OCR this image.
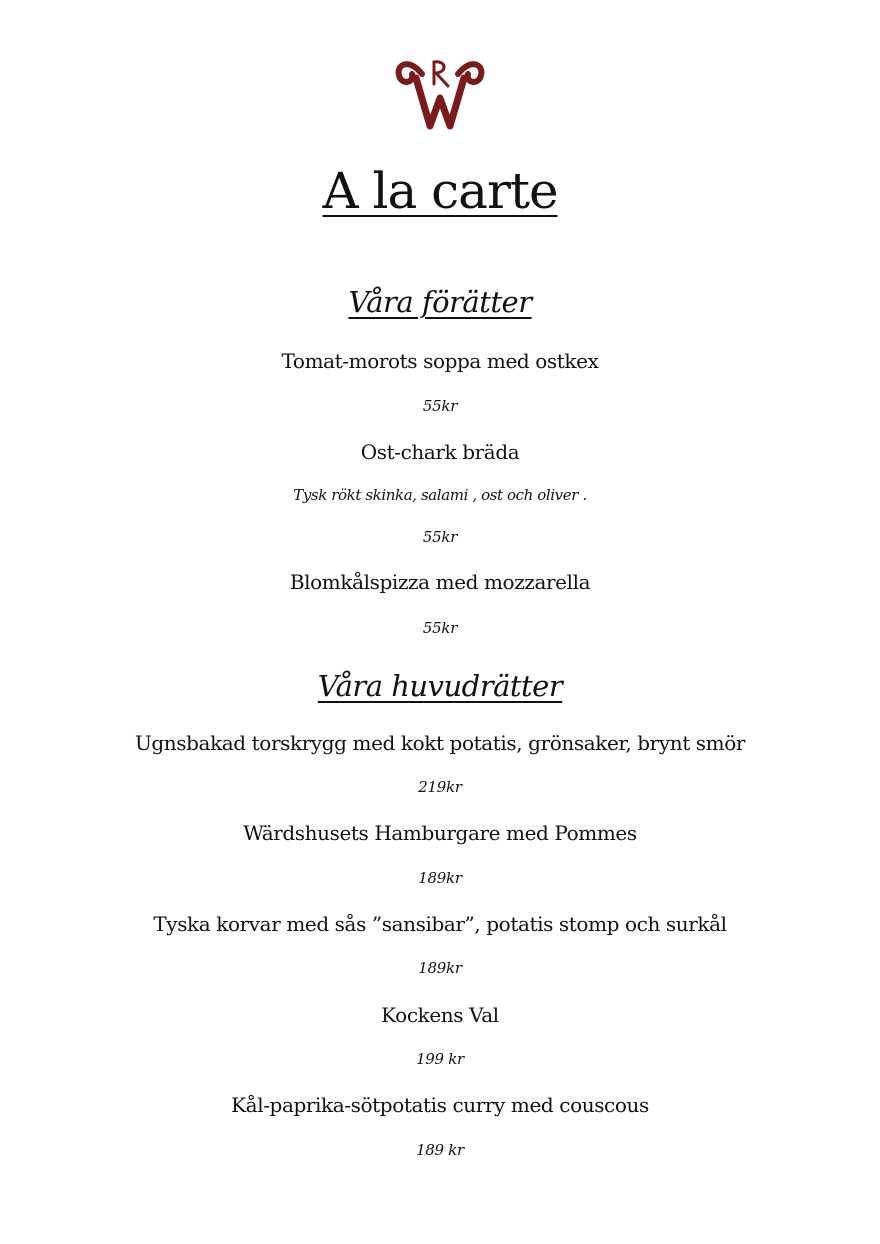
A la carte
Våra förätter
Tomat-morots soppa med ostkex
55kr
Ost-chark bräda
Tysk rökt skinka, salami , ost och oliver .
55kr
Blomkålspizza med mozzarella
55kr
Våra huvudrätter
Ugnsbakad torskrygg med kokt potatis, grönsaker, brynt smör
219kr
Wärdshusets Hamburgare med Pommes
189kr
Tyska korvar med sås ”sansibar”, potatis stomp och surkål
189kr
Kockens Val
199 kr
Kål-paprika-sötpotatis curry med couscous
189 kr
